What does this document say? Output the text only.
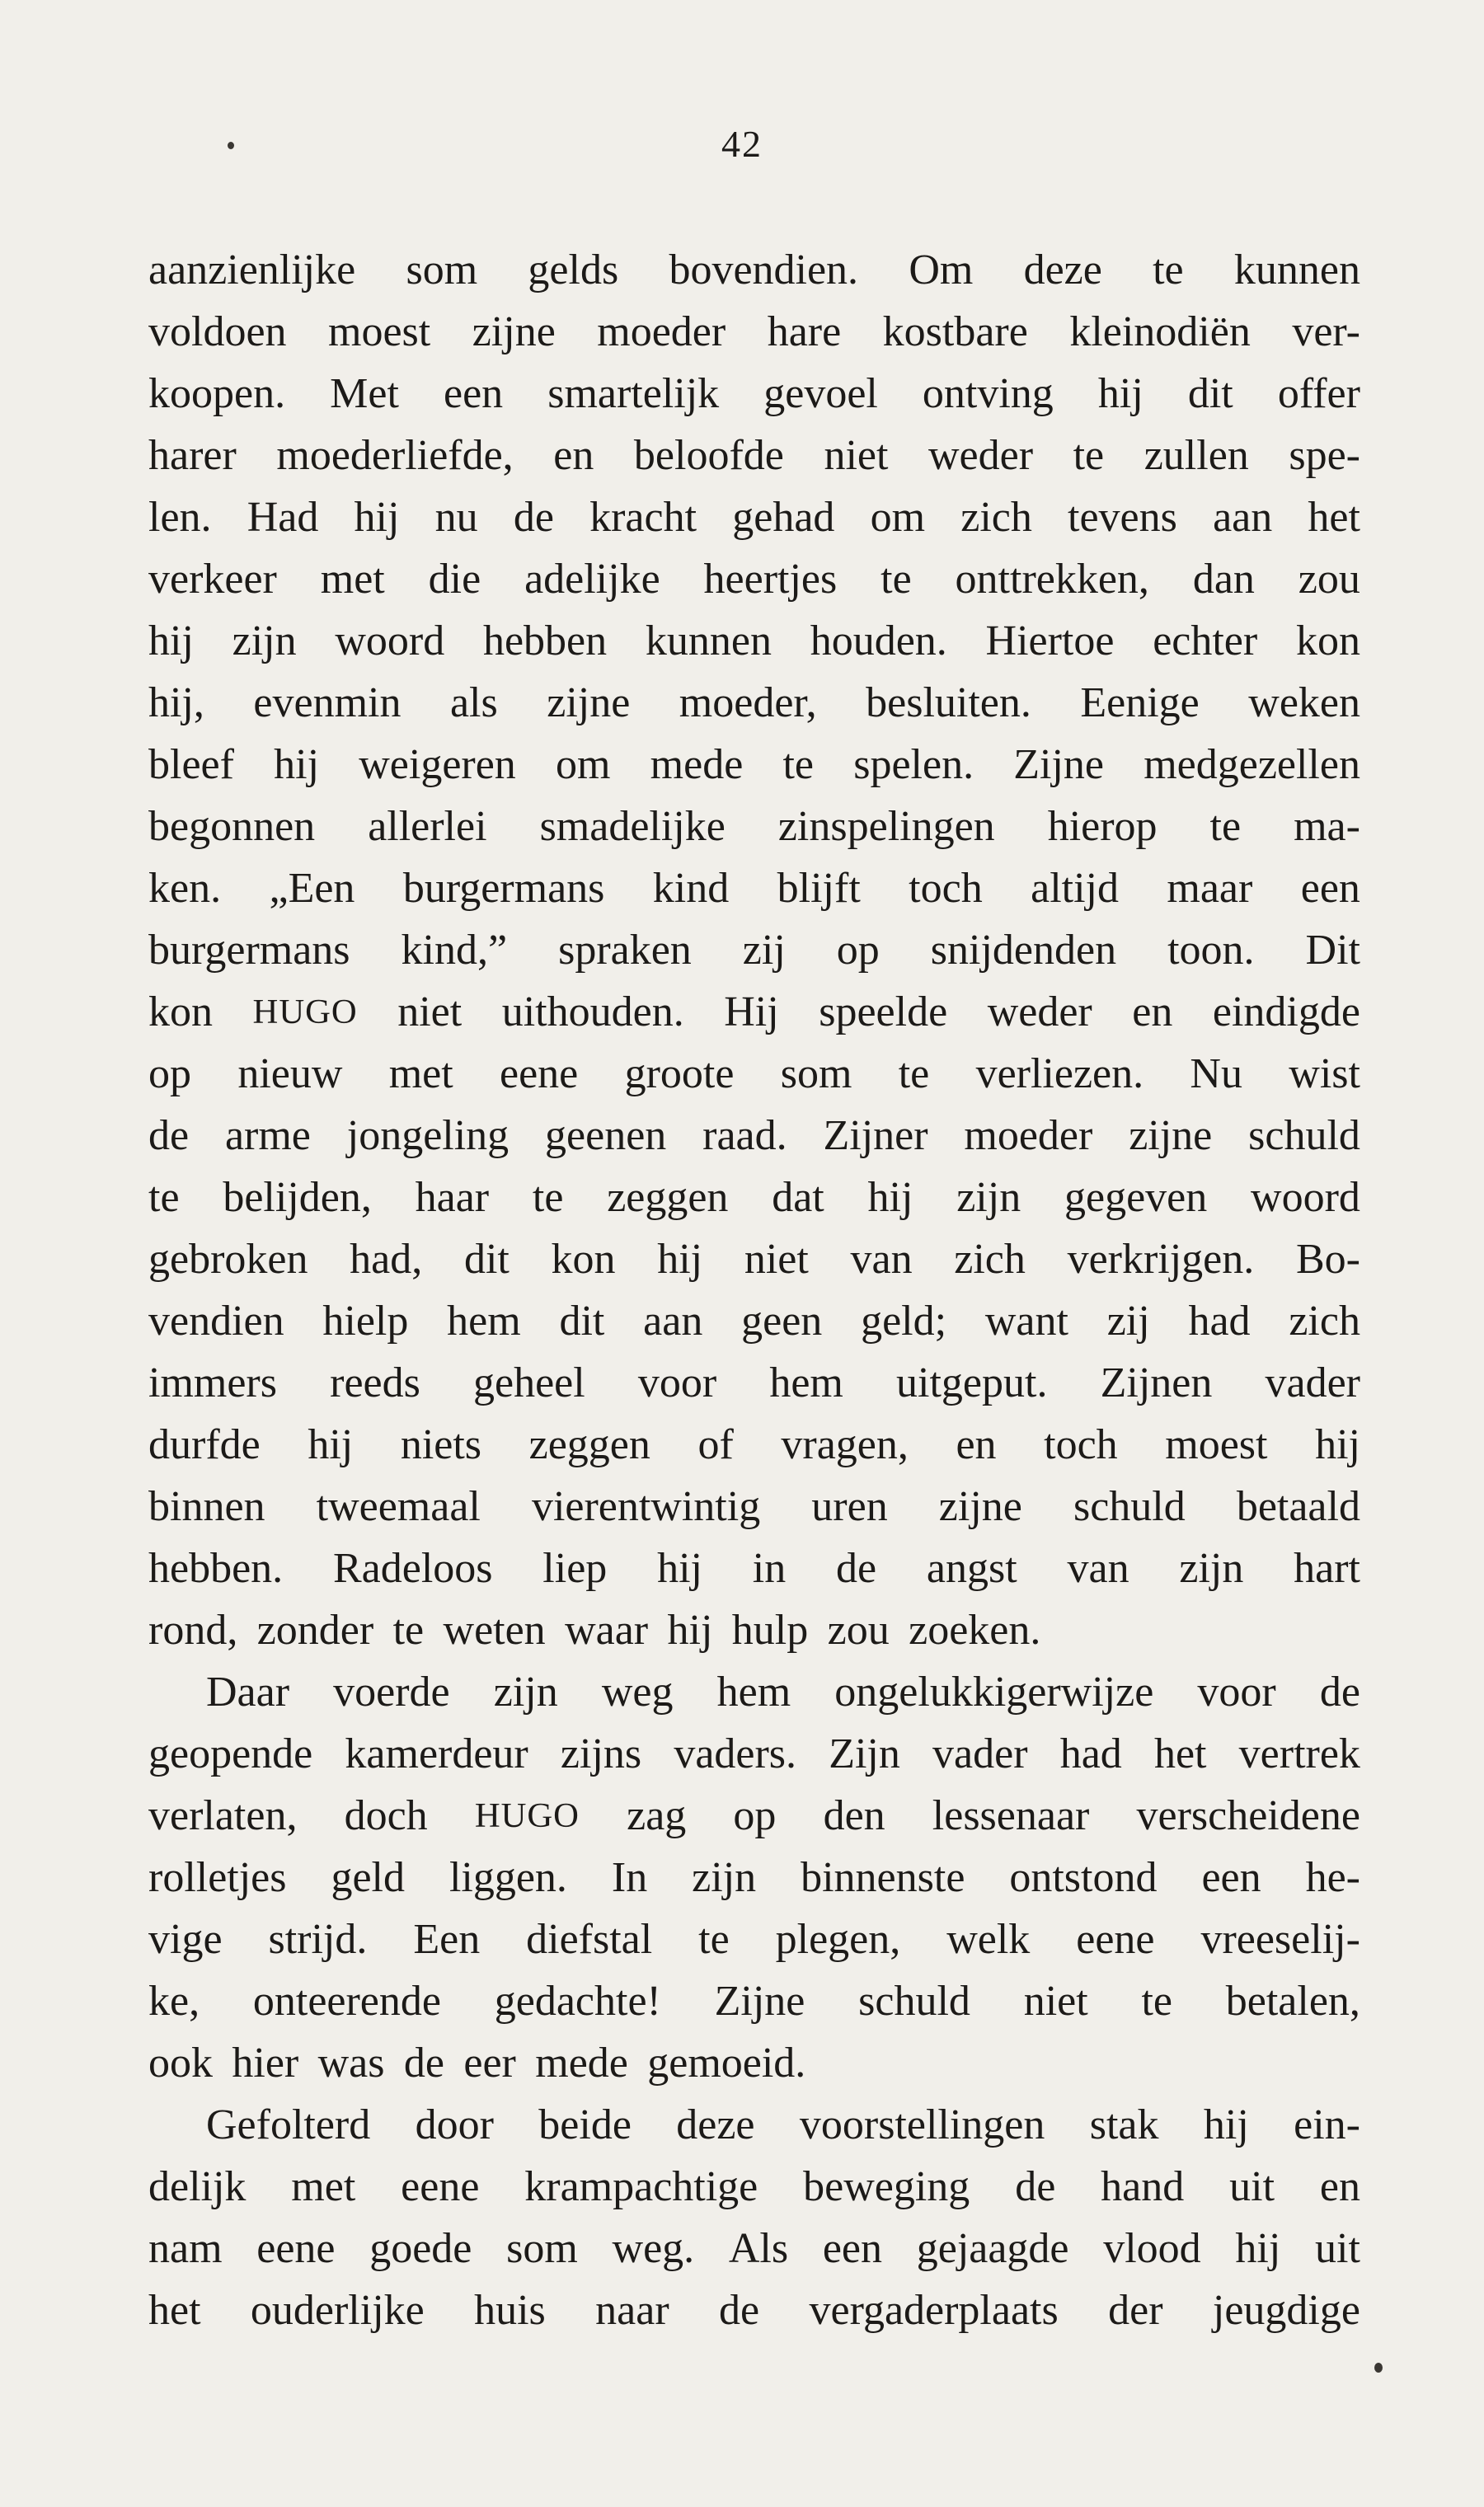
42
aanzienlijke som gelds bovendien. Om deze te kunnen
voldoen moest zijne moeder hare kostbare kleinodiën ver-
koopen. Met een smartelijk gevoel ontving hij dit offer
harer moederliefde, en beloofde niet weder te zullen spe-
len. Had hij nu de kracht gehad om zich tevens aan het
verkeer met die adelijke heertjes te onttrekken, dan zou
hij zijn woord hebben kunnen houden. Hiertoe echter kon
hij, evenmin als zijne moeder, besluiten. Eenige weken
bleef hij weigeren om mede te spelen. Zijne medgezellen
begonnen allerlei smadelijke zinspelingen hierop te ma-
ken. „Een burgermans kind blijft toch altijd maar een
burgermans kind,” spraken zij op snijdenden toon. Dit
kon HUGO niet uithouden. Hij speelde weder en eindigde
op nieuw met eene groote som te verliezen. Nu wist
de arme jongeling geenen raad. Zijner moeder zijne schuld
te belijden, haar te zeggen dat hij zijn gegeven woord
gebroken had, dit kon hij niet van zich verkrijgen. Bo-
vendien hielp hem dit aan geen geld; want zij had zich
immers reeds geheel voor hem uitgeput. Zijnen vader
durfde hij niets zeggen of vragen, en toch moest hij
binnen tweemaal vierentwintig uren zijne schuld betaald
hebben. Radeloos liep hij in de angst van zijn hart
rond, zonder te weten waar hij hulp zou zoeken.
Daar voerde zijn weg hem ongelukkigerwijze voor de
geopende kamerdeur zijns vaders. Zijn vader had het vertrek
verlaten, doch HUGO zag op den lessenaar verscheidene
rolletjes geld liggen. In zijn binnenste ontstond een he-
vige strijd. Een diefstal te plegen, welk eene vreeselij-
ke, onteerende gedachte! Zijne schuld niet te betalen,
ook hier was de eer mede gemoeid.
Gefolterd door beide deze voorstellingen stak hij ein-
delijk met eene krampachtige beweging de hand uit en
nam eene goede som weg. Als een gejaagde vlood hij uit
het ouderlijke huis naar de vergaderplaats der jeugdige
